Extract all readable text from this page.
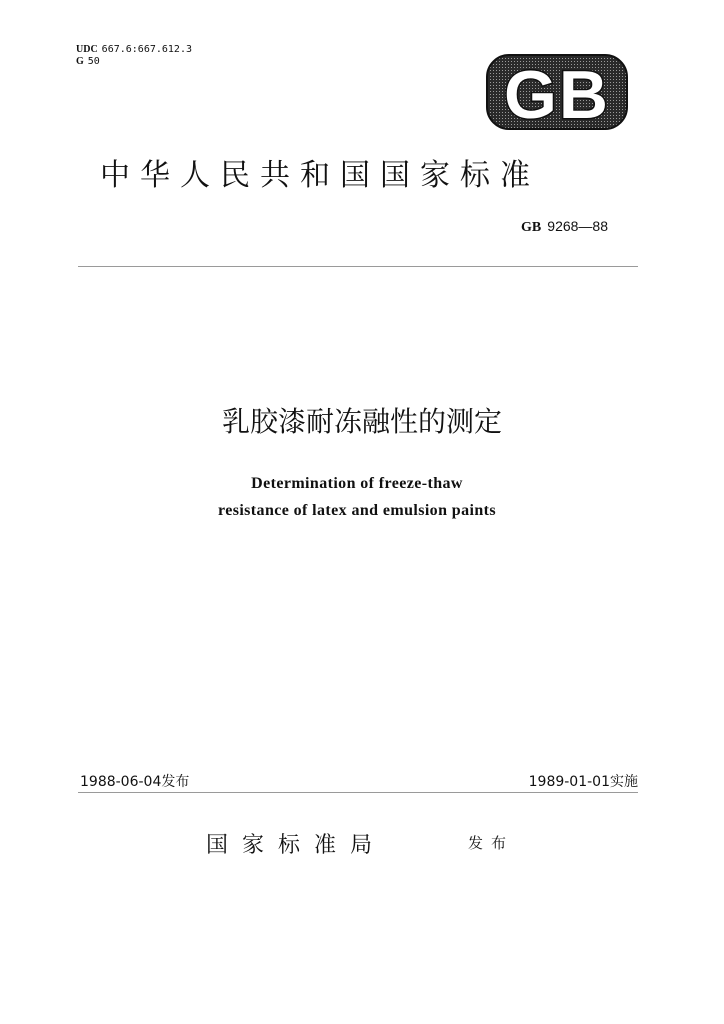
UDC 667.6:667.612.3
G 50	GB
中华人民共和国国家标准
GB 9268—88
乳胶漆耐冻融性的测定
Determination of freeze-thaw
resistance of latex and emulsion paints
1988-06-04发布	1989-01-01实施
国家标准局	发布
